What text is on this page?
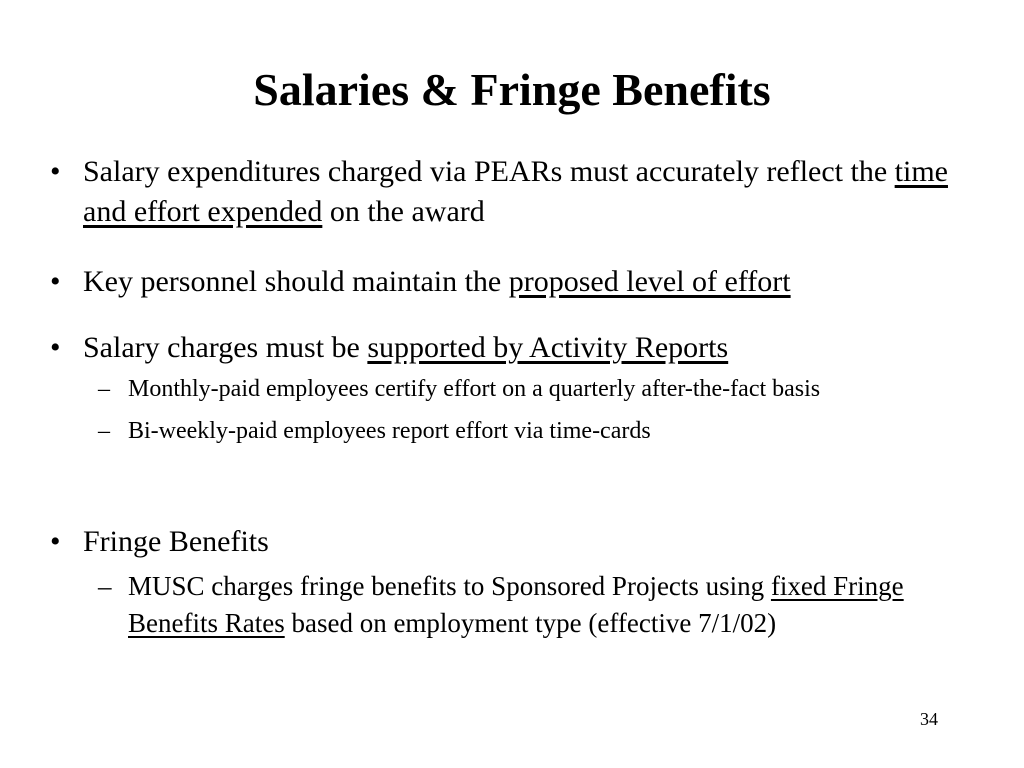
Salaries & Fringe Benefits

• Salary expenditures charged via PEARs must accurately reflect the time and effort expended on the award

• Key personnel should maintain the proposed level of effort

• Salary charges must be supported by Activity Reports

– Monthly-paid employees certify effort on a quarterly after-the-fact basis

– Bi-weekly-paid employees report effort via time-cards

• Fringe Benefits

– MUSC charges fringe benefits to Sponsored Projects using fixed Fringe Benefits Rates based on employment type (effective 7/1/02)

34
